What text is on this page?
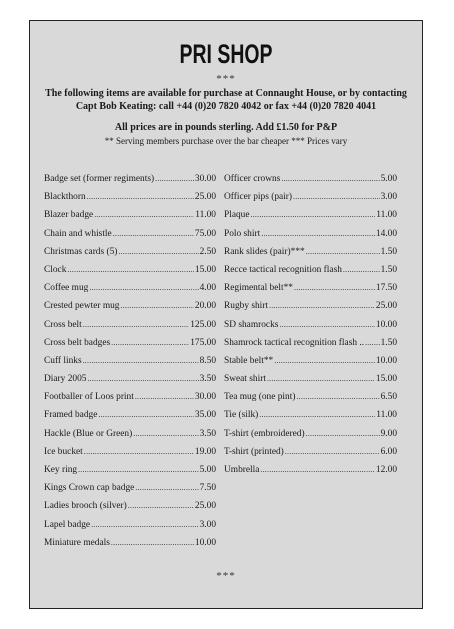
PRI SHOP
***
The following items are available for purchase at Connaught House, or by contacting
Capt Bob Keating: call +44 (0)20 7820 4042 or fax +44 (0)20 7820 4041
All prices are in pounds sterling. Add £1.50 for P&P
** Serving members purchase over the bar cheaper *** Prices vary
Badge set (former regiments) .....	30.00
Blackthorn .....	25.00
Blazer badge .....	11.00
Chain and whistle .....	75.00
Christmas cards (5) .....	2.50
Clock .....	15.00
Coffee mug .....	4.00
Crested pewter mug .....	20.00
Cross belt .....	125.00
Cross belt badges .....	175.00
Cuff links .....	8.50
Diary 2005 .....	3.50
Footballer of Loos print .....	30.00
Framed badge .....	35.00
Hackle (Blue or Green) .....	3.50
Ice bucket .....	19.00
Key ring .....	5.00
Kings Crown cap badge .....	7.50
Ladies brooch (silver) .....	25.00
Lapel badge .....	3.00
Miniature medals .....	10.00
Officer crowns .....	5.00
Officer pips (pair) .....	3.00
Plaque .....	11.00
Polo shirt .....	14.00
Rank slides (pair)*** .....	1.50
Recce tactical recognition flash .....	1.50
Regimental belt** .....	17.50
Rugby shirt .....	25.00
SD shamrocks .....	10.00
Shamrock tactical recognition flash .. ..... 1.50
Stable belt** .....	10.00
Sweat shirt .....	15.00
Tea mug (one pint) .....	6.50
Tie (silk) .....	11.00
T-shirt (embroidered) .....	9.00
T-shirt (printed) .....	6.00
Umbrella .....	12.00
***
